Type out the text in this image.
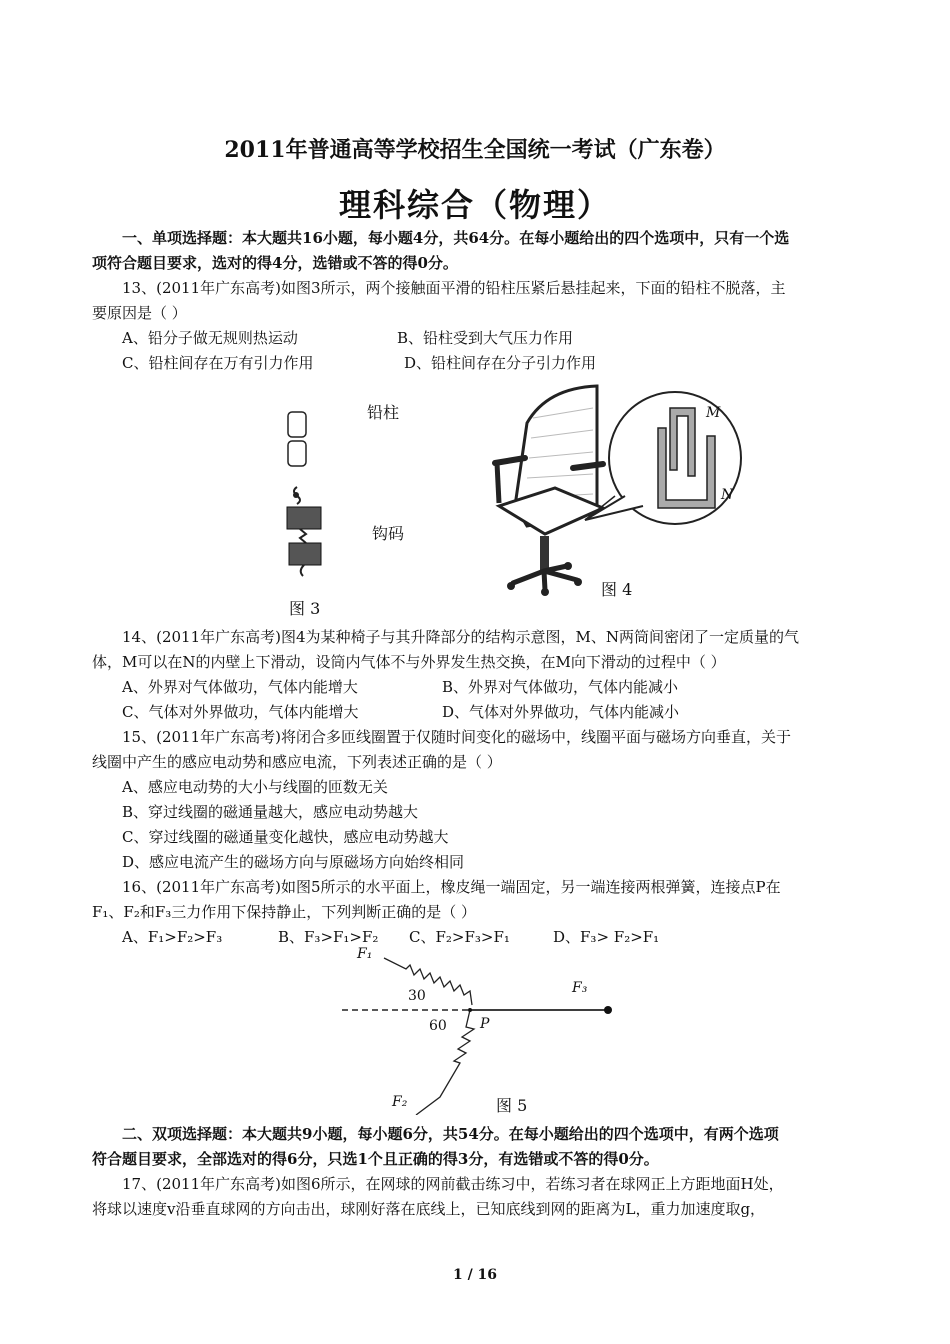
2011年普通高等学校招生全国统一考试（广东卷）
理科综合（物理）
一、单项选择题：本大题共16小题，每小题4分，共64分。在每小题给出的四个选项中，只有一个选
项符合题目要求，选对的得4分，选错或不答的得0分。
13、(2011年广东高考)如图3所示，两个接触面平滑的铅柱压紧后悬挂起来，下面的铅柱不脱落，主
要原因是（ ）
A、铅分子做无规则热运动	B、铅柱受到大气压力作用
C、铅柱间存在万有引力作用	D、铅柱间存在分子引力作用
铅柱
钩码
图 3
M
N
图 4
14、(2011年广东高考)图4为某种椅子与其升降部分的结构示意图，M、N两筒间密闭了一定质量的气
体，M可以在N的内壁上下滑动，设筒内气体不与外界发生热交换，在M向下滑动的过程中（ ）
A、外界对气体做功，气体内能增大	B、外界对气体做功，气体内能减小
C、气体对外界做功，气体内能增大	D、气体对外界做功，气体内能减小
15、(2011年广东高考)将闭合多匝线圈置于仅随时间变化的磁场中，线圈平面与磁场方向垂直，关于
线圈中产生的感应电动势和感应电流，下列表述正确的是（ ）
A、感应电动势的大小与线圈的匝数无关
B、穿过线圈的磁通量越大，感应电动势越大
C、穿过线圈的磁通量变化越快，感应电动势越大
D、感应电流产生的磁场方向与原磁场方向始终相同
16、(2011年广东高考)如图5所示的水平面上，橡皮绳一端固定，另一端连接两根弹簧，连接点P在
F₁、F₂和F₃三力作用下保持静止，下列判断正确的是（ ）
A、F₁>F₂>F₃	B、F₃>F₁>F₂ C、F₂>F₃>F₁	D、F₃> F₂>F₁
F₁
F₃
30
60 P
F₂	图 5
二、双项选择题：本大题共9小题，每小题6分，共54分。在每小题给出的四个选项中，有两个选项
符合题目要求，全部选对的得6分，只选1个且正确的得3分，有选错或不答的得0分。
17、(2011年广东高考)如图6所示，在网球的网前截击练习中，若练习者在球网正上方距地面H处，
将球以速度v沿垂直球网的方向击出，球刚好落在底线上，已知底线到网的距离为L，重力加速度取g，
1 / 16
